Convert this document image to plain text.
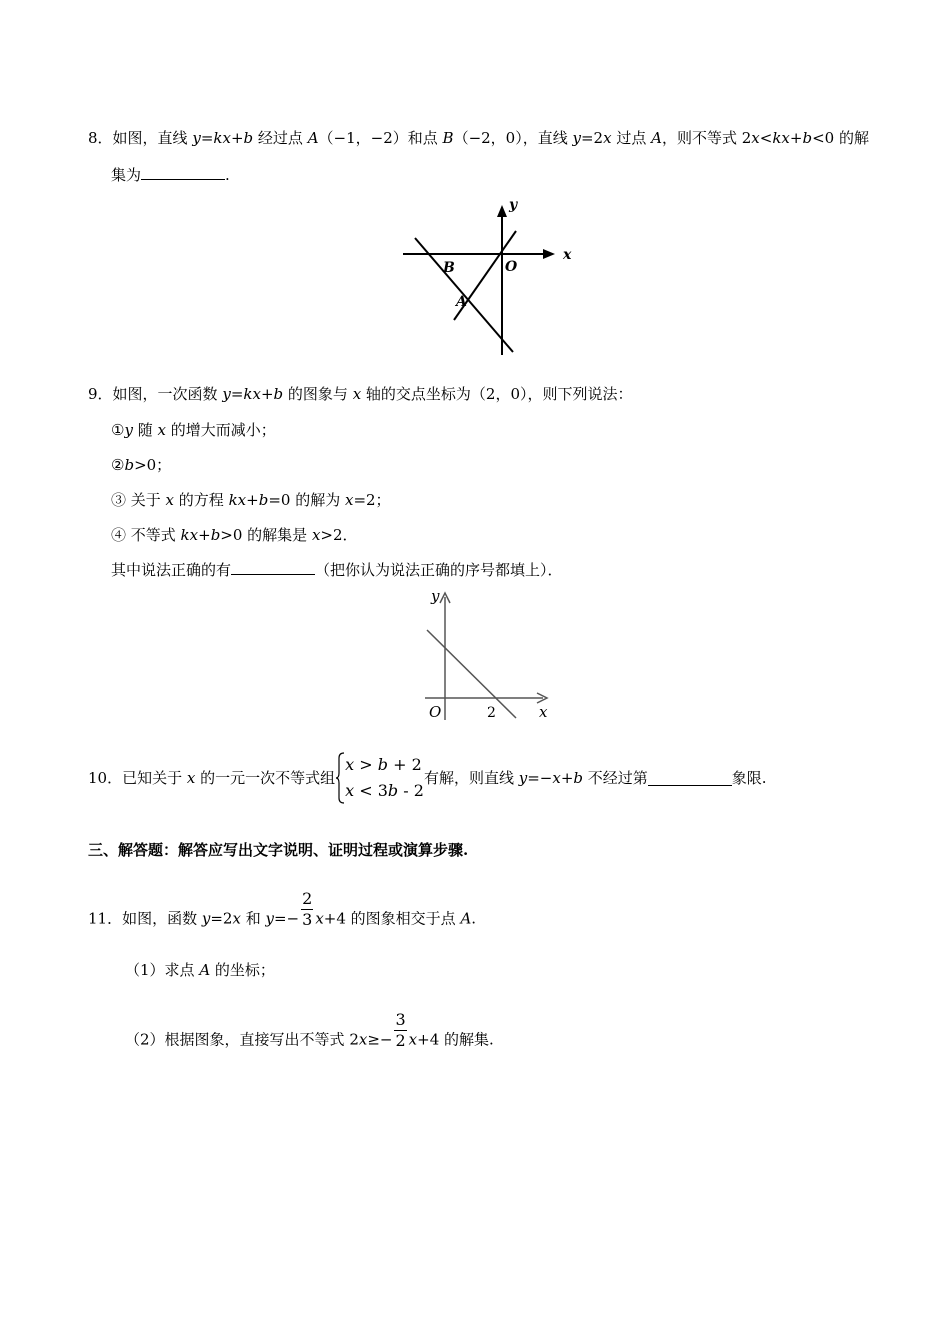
8．如图，直线 y=kx+b 经过点 A（−1，−2）和点 B（−2，0），直线 y=2x 过点 A，则不等式 2x<kx+b<0 的解
集为	.
x
y
O
B
A
9．如图，一次函数 y=kx+b 的图象与 x 轴的交点坐标为（2，0），则下列说法：
①y 随 x 的增大而减小；
②b>0；
③ 关于 x 的方程 kx+b=0 的解为 x=2；
④ 不等式 kx+b>0 的解集是 x>2．
其中说法正确的有	（把你认为说法正确的序号都填上）．
y
x
O	2
10．已知关于 x 的一元一次不等式组
x > b + 2
x < 3b - 2
有解，则直线 y=−x+b 不经过第	象限.
三、解答题：解答应写出文字说明、证明过程或演算步骤.
11．如图，函数 y=2x 和 $y=- \frac{2}{3} x+4$ 的图象相交于点 A.
（1）求点 A 的坐标；
（2）根据图象，直接写出不等式 $2x\ge- \frac{3}{2} x+4$ 的解集.
